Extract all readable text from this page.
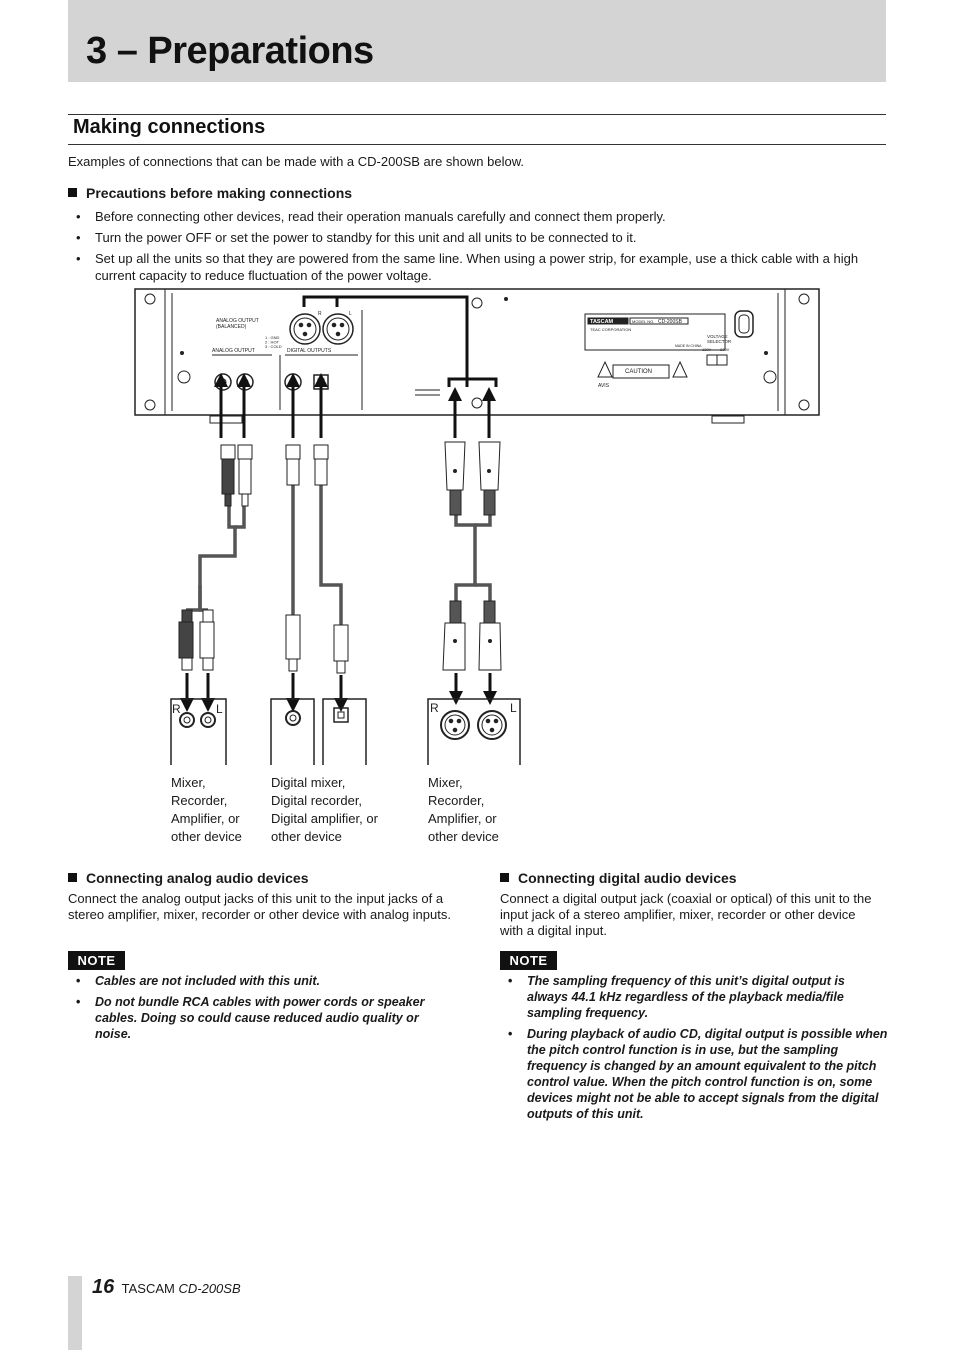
3 – Preparations
Making connections
Examples of connections that can be made with a CD-200SB are shown below.
Precautions before making connections
• Before connecting other devices, read their operation manuals carefully and connect them properly.
• Turn the power OFF or set the power to standby for this unit and all units to be connected to it.
• Set up all the units so that they are powered from the same line. When using a power strip, for example, use a thick cable with a high current capacity to reduce fluctuation of the power voltage.
ANALOG OUTPUT (BALANCED)
1 : GND 2 : HOT 3 : COLD
ANALOG OUTPUT	DIGITAL OUTPUTS
R	L
TASCAM	MODEL NO. CD-200SB
TEAC CORPORATION
MADE IN CHINA
VOLTAGE SELECTOR
120V 230V
CAUTION
AVIS
R	L	R	L
Mixer,
Recorder,
Amplifier, or
other device
Digital mixer,
Digital recorder,
Digital amplifier, or
other device
Mixer,
Recorder,
Amplifier, or
other device
Connecting analog audio devices
Connect the analog output jacks of this unit to the input jacks of a stereo amplifier, mixer, recorder or other device with analog inputs.
NOTE
• Cables are not included with this unit.
• Do not bundle RCA cables with power cords or speaker cables. Doing so could cause reduced audio quality or noise.
Connecting digital audio devices
Connect a digital output jack (coaxial or optical) of this unit to the input jack of a stereo amplifier, mixer, recorder or other device with a digital input.
NOTE
• The sampling frequency of this unit’s digital output is always 44.1 kHz regardless of the playback media/file sampling frequency.
• During playback of audio CD, digital output is possible when the pitch control function is in use, but the sampling frequency is changed by an amount equivalent to the pitch control value. When the pitch control function is on, some devices might not be able to accept signals from the digital outputs of this unit.
16 TASCAM CD-200SB
